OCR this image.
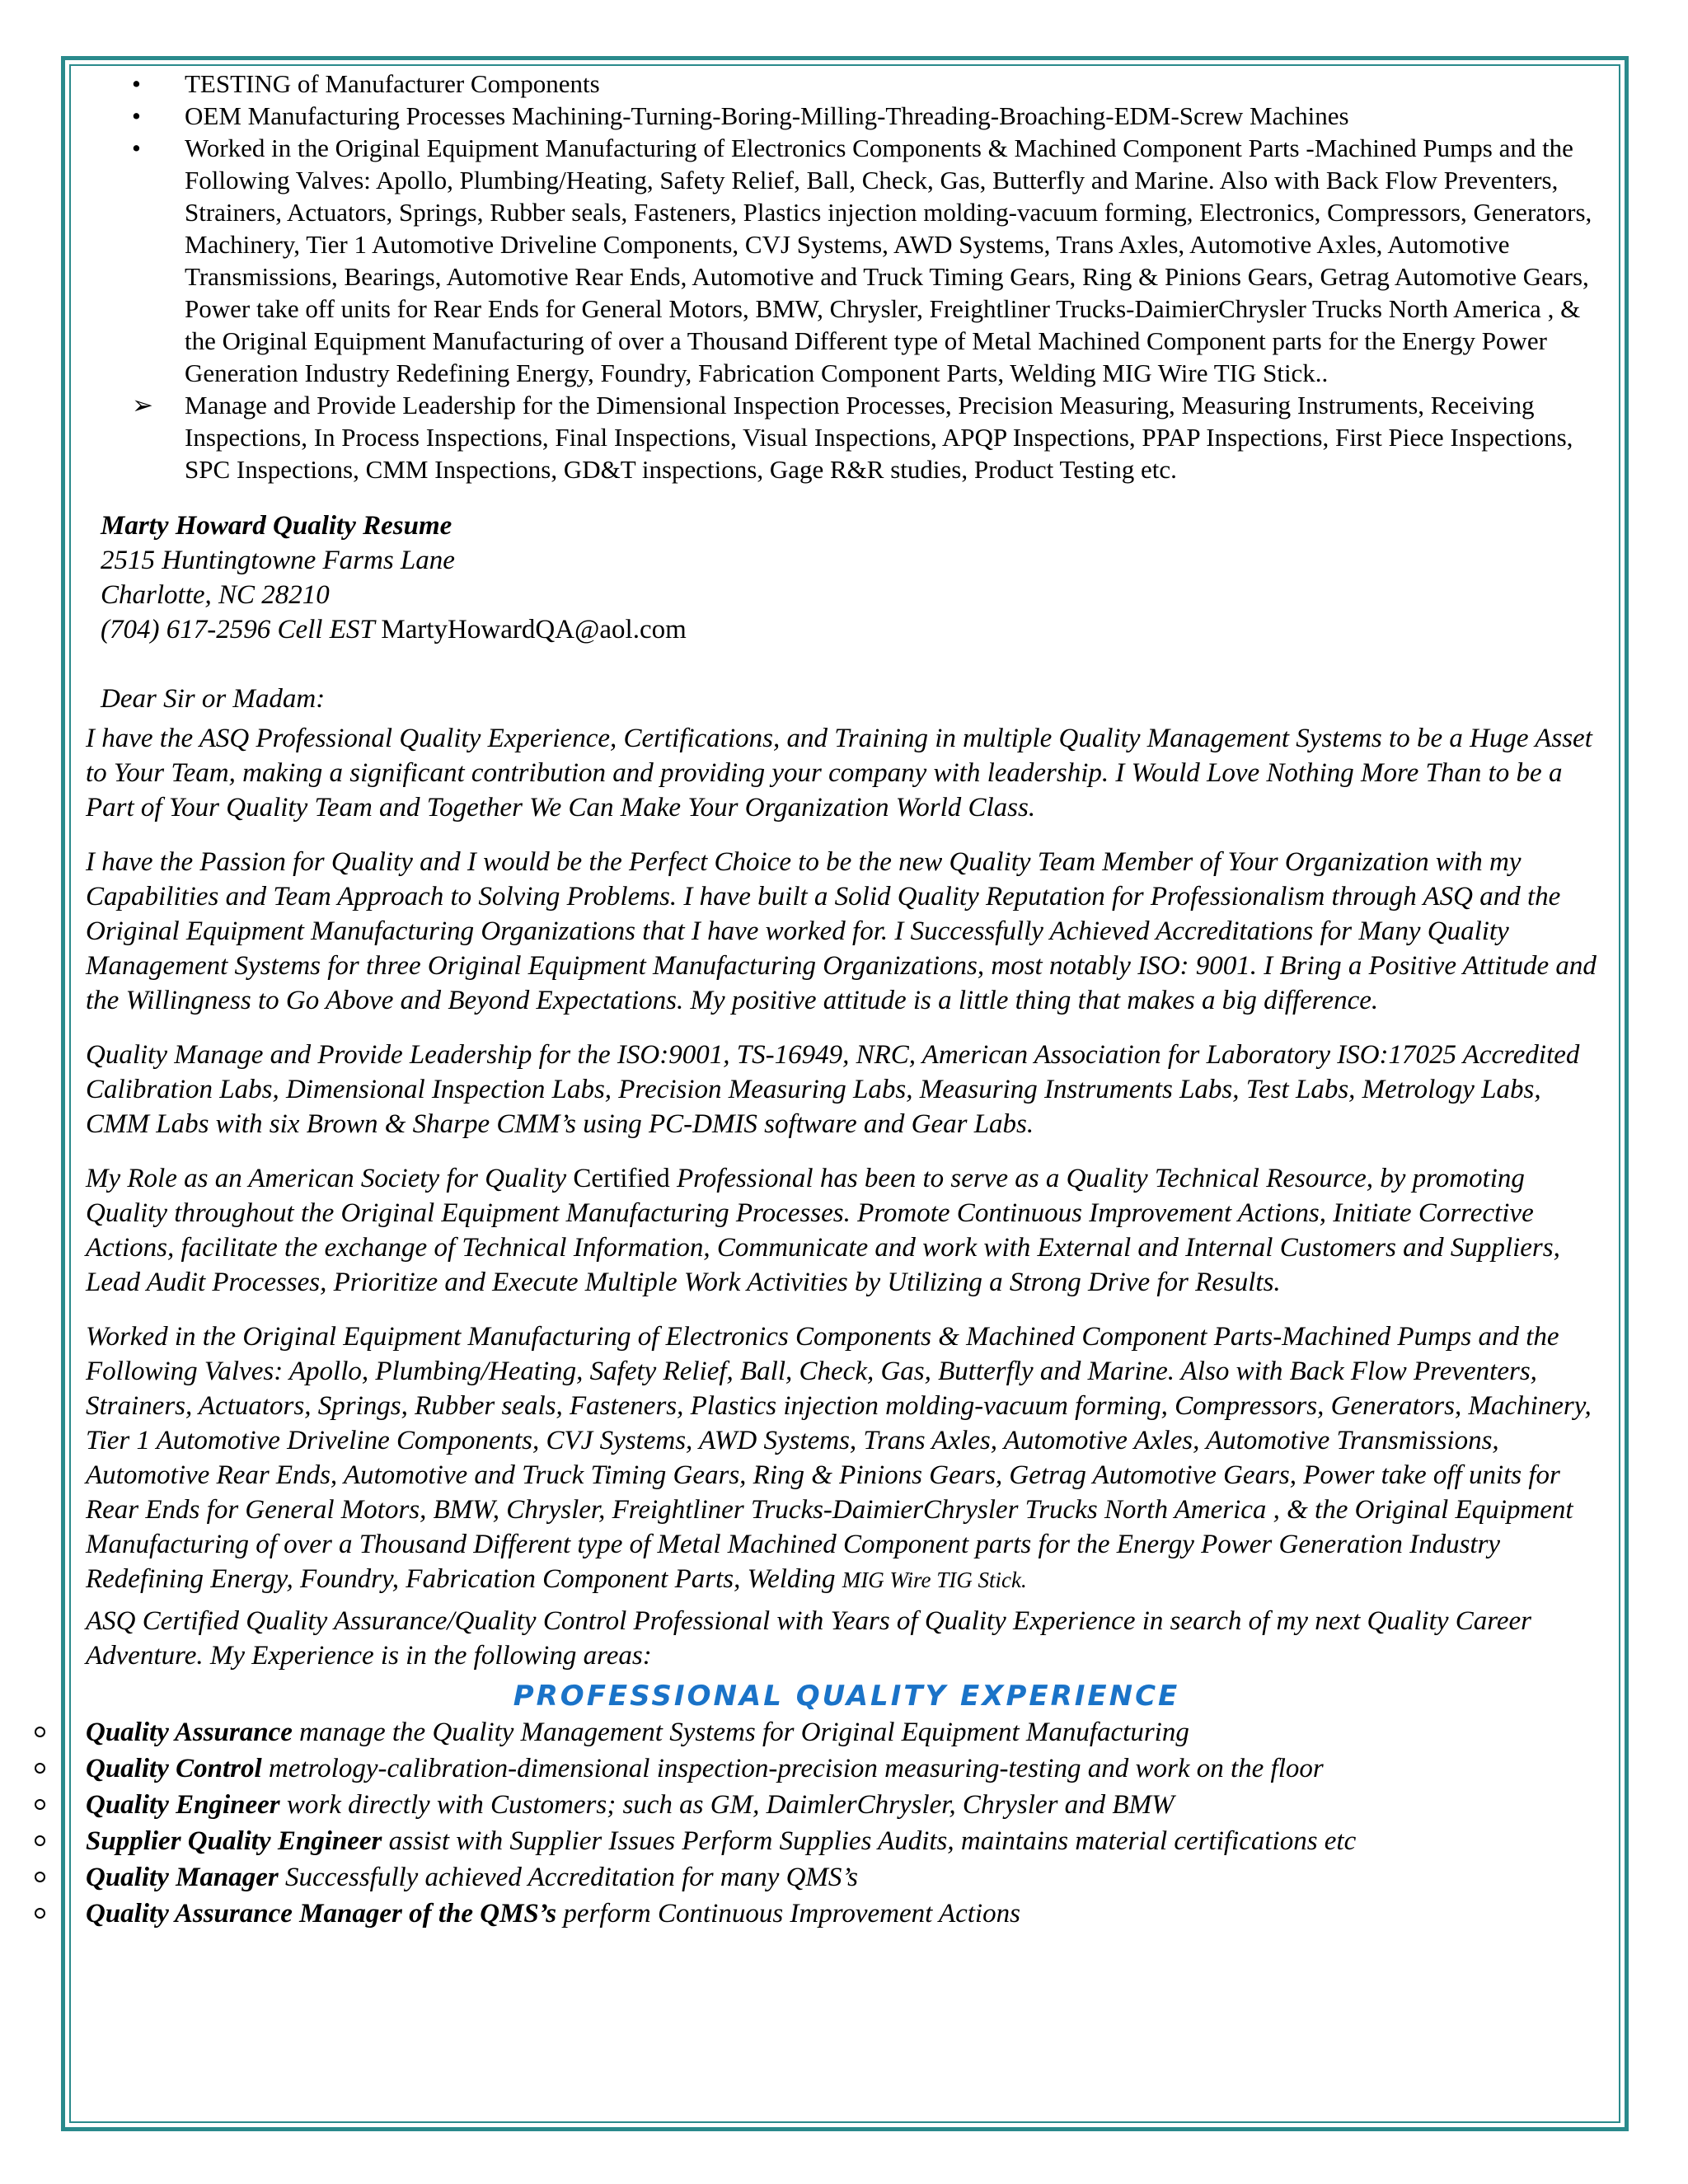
•	TESTING of Manufacturer Components
•	OEM Manufacturing Processes Machining-Turning-Boring-Milling-Threading-Broaching-EDM-Screw Machines
•	Worked in the Original Equipment Manufacturing of Electronics Components & Machined Component Parts -Machined Pumps and the Following Valves: Apollo, Plumbing/Heating, Safety Relief, Ball, Check, Gas, Butterfly and Marine. Also with Back Flow Preventers, Strainers, Actuators, Springs, Rubber seals, Fasteners, Plastics injection molding-vacuum forming, Electronics, Compressors, Generators, Machinery, Tier 1 Automotive Driveline Components, CVJ Systems, AWD Systems, Trans Axles, Automotive Axles, Automotive Transmissions, Bearings, Automotive Rear Ends, Automotive and Truck Timing Gears, Ring & Pinions Gears, Getrag Automotive Gears, Power take off units for Rear Ends for General Motors, BMW, Chrysler, Freightliner Trucks-DaimierChrysler Trucks North America , & the Original Equipment Manufacturing of over a Thousand Different type of Metal Machined Component parts for the Energy Power Generation Industry Redefining Energy, Foundry, Fabrication Component Parts, Welding MIG Wire TIG Stick..
➢	Manage and Provide Leadership for the Dimensional Inspection Processes, Precision Measuring, Measuring Instruments, Receiving Inspections, In Process Inspections, Final Inspections, Visual Inspections, APQP Inspections, PPAP Inspections, First Piece Inspections, SPC Inspections, CMM Inspections, GD&T inspections, Gage R&R studies, Product Testing etc.
Marty Howard Quality Resume
2515 Huntingtowne Farms Lane
Charlotte, NC 28210
(704) 617-2596 Cell EST MartyHowardQA@aol.com
Dear Sir or Madam:

I have the ASQ Professional Quality Experience, Certifications, and Training in multiple Quality Management Systems to be a Huge Asset to Your Team, making a significant contribution and providing your company with leadership. I Would Love Nothing More Than to be a Part of Your Quality Team and Together We Can Make Your Organization World Class.

I have the Passion for Quality and I would be the Perfect Choice to be the new Quality Team Member of Your Organization with my Capabilities and Team Approach to Solving Problems. I have built a Solid Quality Reputation for Professionalism through ASQ and the Original Equipment Manufacturing Organizations that I have worked for. I Successfully Achieved Accreditations for Many Quality Management Systems for three Original Equipment Manufacturing Organizations, most notably ISO: 9001. I Bring a Positive Attitude and the Willingness to Go Above and Beyond Expectations. My positive attitude is a little thing that makes a big difference.

Quality Manage and Provide Leadership for the ISO:9001, TS-16949, NRC, American Association for Laboratory ISO:17025 Accredited Calibration Labs, Dimensional Inspection Labs, Precision Measuring Labs, Measuring Instruments Labs, Test Labs, Metrology Labs, CMM Labs with six Brown & Sharpe CMM’s using PC-DMIS software and Gear Labs.

My Role as an American Society for Quality Certified Professional has been to serve as a Quality Technical Resource, by promoting Quality throughout the Original Equipment Manufacturing Processes. Promote Continuous Improvement Actions, Initiate Corrective Actions, facilitate the exchange of Technical Information, Communicate and work with External and Internal Customers and Suppliers, Lead Audit Processes, Prioritize and Execute Multiple Work Activities by Utilizing a Strong Drive for Results.

Worked in the Original Equipment Manufacturing of Electronics Components & Machined Component Parts-Machined Pumps and the Following Valves: Apollo, Plumbing/Heating, Safety Relief, Ball, Check, Gas, Butterfly and Marine. Also with Back Flow Preventers, Strainers, Actuators, Springs, Rubber seals, Fasteners, Plastics injection molding-vacuum forming, Compressors, Generators, Machinery, Tier 1 Automotive Driveline Components, CVJ Systems, AWD Systems, Trans Axles, Automotive Axles, Automotive Transmissions, Automotive Rear Ends, Automotive and Truck Timing Gears, Ring & Pinions Gears, Getrag Automotive Gears, Power take off units for Rear Ends for General Motors, BMW, Chrysler, Freightliner Trucks-DaimierChrysler Trucks North America , & the Original Equipment Manufacturing of over a Thousand Different type of Metal Machined Component parts for the Energy Power Generation Industry Redefining Energy, Foundry, Fabrication Component Parts, Welding MIG Wire TIG Stick.

ASQ Certified Quality Assurance/Quality Control Professional with Years of Quality Experience in search of my next Quality Career Adventure. My Experience is in the following areas:

PROFESSIONAL QUALITY EXPERIENCE
Quality Assurance manage the Quality Management Systems for Original Equipment Manufacturing
Quality Control metrology-calibration-dimensional inspection-precision measuring-testing and work on the floor
Quality Engineer work directly with Customers; such as GM, DaimlerChrysler, Chrysler and BMW
Supplier Quality Engineer assist with Supplier Issues Perform Supplies Audits, maintains material certifications etc
Quality Manager Successfully achieved Accreditation for many QMS’s
Quality Assurance Manager of the QMS’s perform Continuous Improvement Actions
